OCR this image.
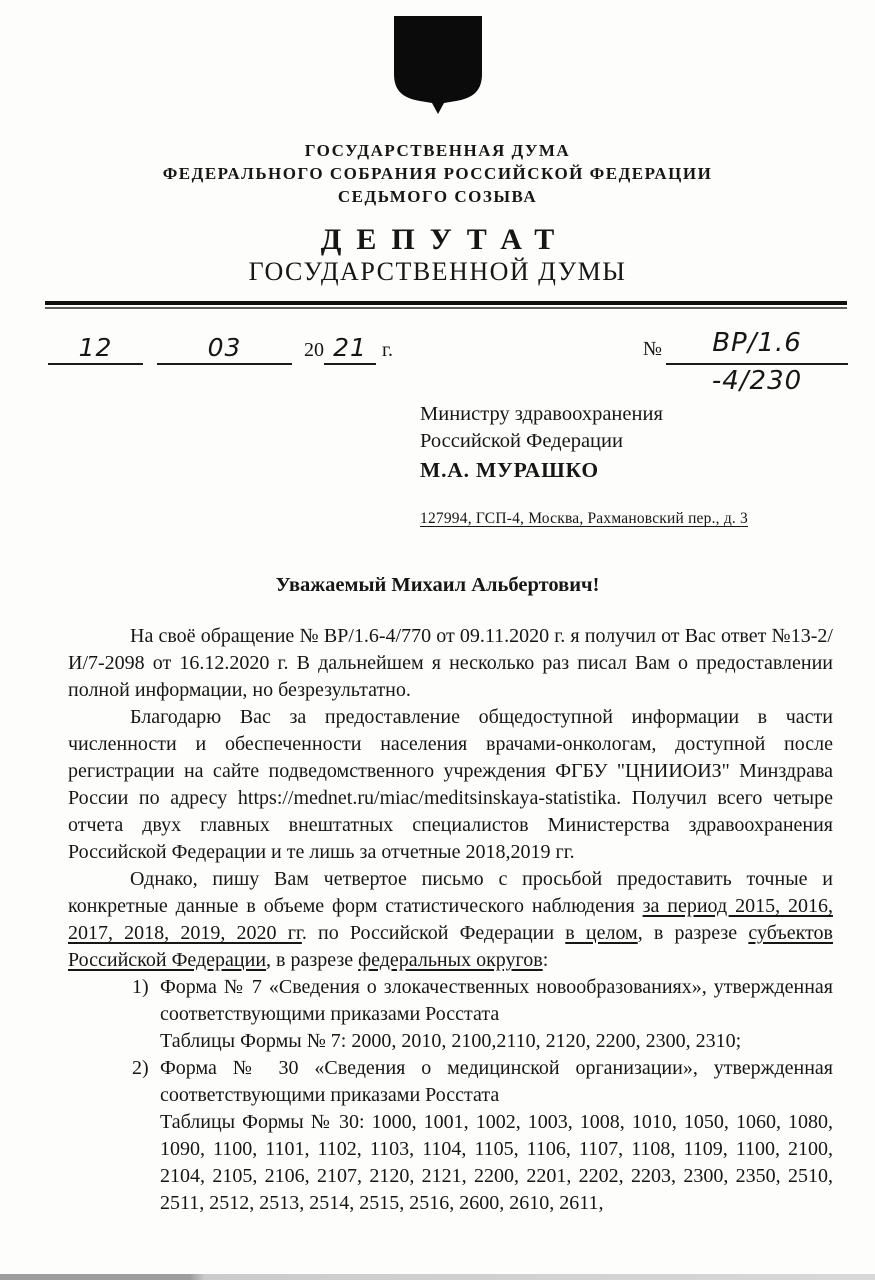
ГОСУДАРСТВЕННАЯ ДУМА
ФЕДЕРАЛЬНОГО СОБРАНИЯ РОССИЙСКОЙ ФЕДЕРАЦИИ
СЕДЬМОГО СОЗЫВА
ДЕПУТАТ
ГОСУДАРСТВЕННОЙ ДУМЫ
12	03	20 21 г.	№	ВР/1.6 -4/230
Министру здравоохранения
Российской Федерации
М.А. МУРАШКО
127994, ГСП-4, Москва, Рахмановский пер., д. 3
Уважаемый Михаил Альбертович!

На своё обращение № ВР/1.6-4/770 от 09.11.2020 г. я получил от Вас ответ №13-2/И/7-2098 от 16.12.2020 г. В дальнейшем я несколько раз писал Вам о предоставлении полной информации, но безрезультатно.

Благодарю Вас за предоставление общедоступной информации в части численности и обеспеченности населения врачами-онкологам, доступной после регистрации на сайте подведомственного учреждения ФГБУ "ЦНИИОИЗ" Минздрава России по адресу https://mednet.ru/miac/meditsinskaya-statistika. Получил всего четыре отчета двух главных внештатных специалистов Министерства здравоохранения Российской Федерации и те лишь за отчетные 2018,2019 гг.

Однако, пишу Вам четвертое письмо с просьбой предоставить точные и конкретные данные в объеме форм статистического наблюдения за период 2015, 2016, 2017, 2018, 2019, 2020 гг. по Российской Федерации в целом, в разрезе субъектов Российской Федерации, в разрезе федеральных округов:

1) Форма № 7 «Сведения о злокачественных новообразованиях», утвержденная соответствующими приказами Росстата

Таблицы Формы № 7: 2000, 2010, 2100,2110, 2120, 2200, 2300, 2310;

2) Форма № 30 «Сведения о медицинской организации», утвержденная соответствующими приказами Росстата

Таблицы Формы № 30: 1000, 1001, 1002, 1003, 1008, 1010, 1050, 1060, 1080, 1090, 1100, 1101, 1102, 1103, 1104, 1105, 1106, 1107, 1108, 1109, 1100, 2100, 2104, 2105, 2106, 2107, 2120, 2121, 2200, 2201, 2202, 2203, 2300, 2350, 2510, 2511, 2512, 2513, 2514, 2515, 2516, 2600, 2610, 2611,
